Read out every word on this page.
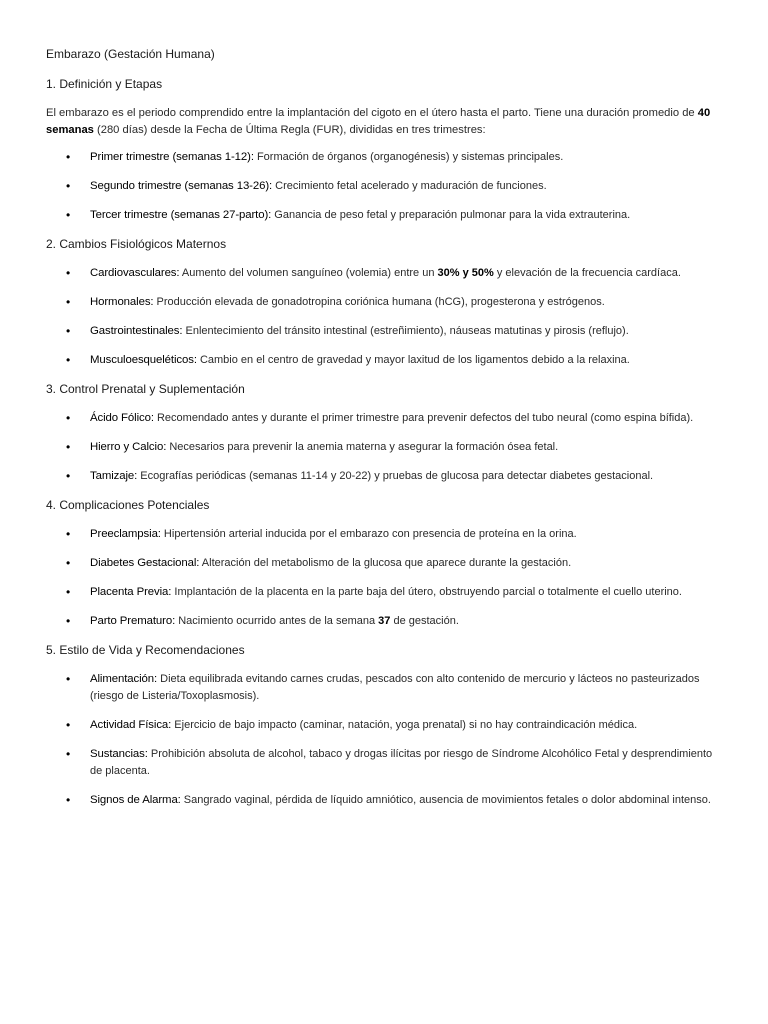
Embarazo (Gestación Humana)
1. Definición y Etapas
El embarazo es el periodo comprendido entre la implantación del cigoto en el útero hasta el parto. Tiene una duración promedio de 40 semanas (280 días) desde la Fecha de Última Regla (FUR), divididas en tres trimestres:
• Primer trimestre (semanas 1-12): Formación de órganos (organogénesis) y sistemas principales.
• Segundo trimestre (semanas 13-26): Crecimiento fetal acelerado y maduración de funciones.
• Tercer trimestre (semanas 27-parto): Ganancia de peso fetal y preparación pulmonar para la vida extrauterina.
2. Cambios Fisiológicos Maternos
• Cardiovasculares: Aumento del volumen sanguíneo (volemia) entre un 30% y 50% y elevación de la frecuencia cardíaca.
• Hormonales: Producción elevada de gonadotropina coriónica humana (hCG), progesterona y estrógenos.
• Gastrointestinales: Enlentecimiento del tránsito intestinal (estreñimiento), náuseas matutinas y pirosis (reflujo).
• Musculoesqueléticos: Cambio en el centro de gravedad y mayor laxitud de los ligamentos debido a la relaxina.
3. Control Prenatal y Suplementación
• Ácido Fólico: Recomendado antes y durante el primer trimestre para prevenir defectos del tubo neural (como espina bífida).
• Hierro y Calcio: Necesarios para prevenir la anemia materna y asegurar la formación ósea fetal.
• Tamizaje: Ecografías periódicas (semanas 11-14 y 20-22) y pruebas de glucosa para detectar diabetes gestacional.
4. Complicaciones Potenciales
• Preeclampsia: Hipertensión arterial inducida por el embarazo con presencia de proteína en la orina.
• Diabetes Gestacional: Alteración del metabolismo de la glucosa que aparece durante la gestación.
• Placenta Previa: Implantación de la placenta en la parte baja del útero, obstruyendo parcial o totalmente el cuello uterino.
• Parto Prematuro: Nacimiento ocurrido antes de la semana 37 de gestación.
5. Estilo de Vida y Recomendaciones
• Alimentación: Dieta equilibrada evitando carnes crudas, pescados con alto contenido de mercurio y lácteos no pasteurizados (riesgo de Listeria/Toxoplasmosis).
• Actividad Física: Ejercicio de bajo impacto (caminar, natación, yoga prenatal) si no hay contraindicación médica.
• Sustancias: Prohibición absoluta de alcohol, tabaco y drogas ilícitas por riesgo de Síndrome Alcohólico Fetal y desprendimiento de placenta.
• Signos de Alarma: Sangrado vaginal, pérdida de líquido amniótico, ausencia de movimientos fetales o dolor abdominal intenso.
